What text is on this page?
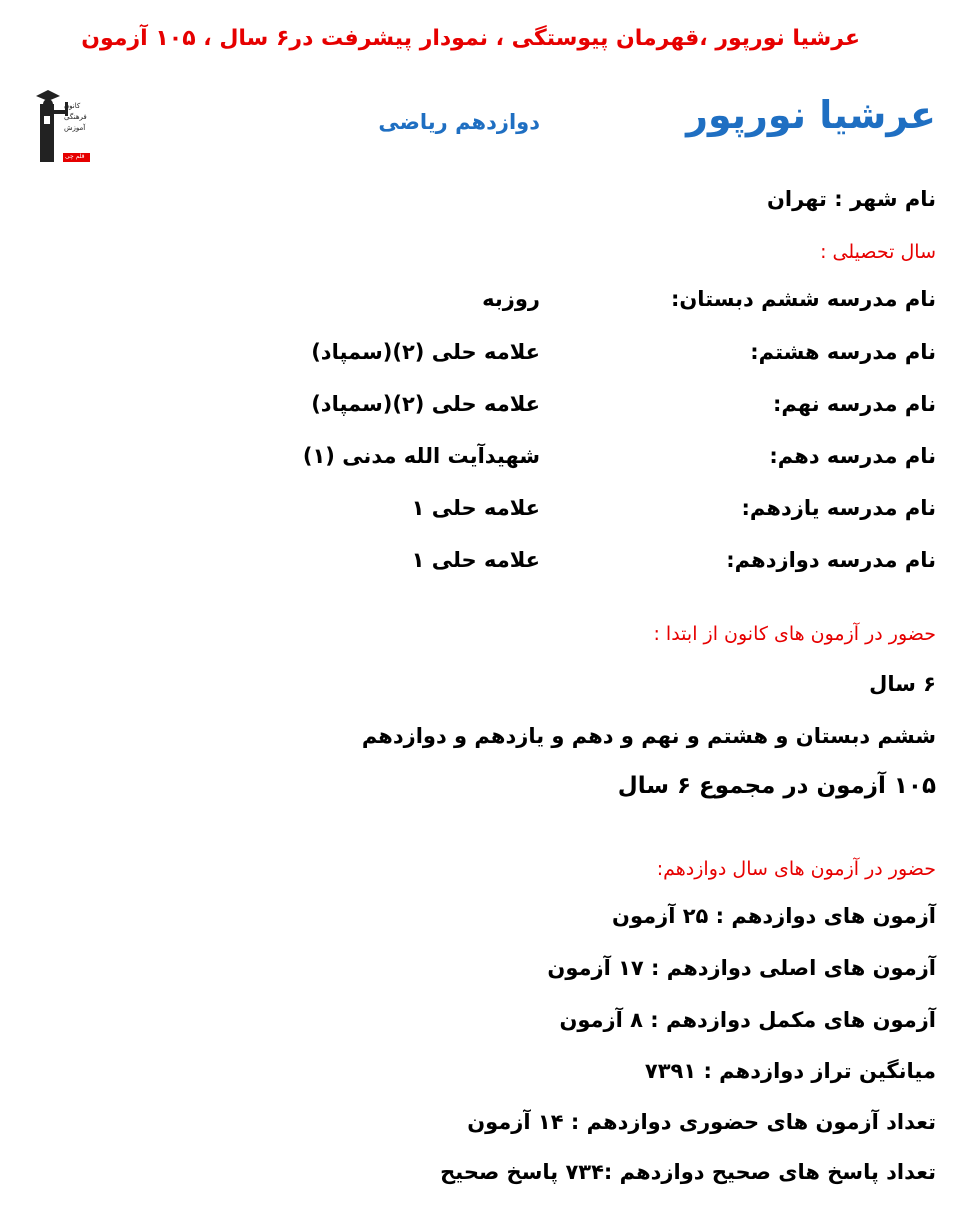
عرشیا نورپور ،قهرمان پیوستگی ، نمودار پیشرفت در۶ سال ، ۱۰۵ آزمون
کانون
فرهنگی
آموزش
قلم چی
عرشیا نورپور
دوازدهم ریاضی
نام شهر : تهران
سال تحصیلی :
نام مدرسه ششم دبستان:
روزبه
نام مدرسه هشتم:
علامه حلی (۲)(سمپاد)
نام مدرسه نهم:
علامه حلی (۲)(سمپاد)
نام مدرسه دهم:
شهیدآیت الله مدنی (۱)
نام مدرسه یازدهم:
علامه حلی ۱
نام مدرسه دوازدهم:
علامه حلی ۱
حضور در آزمون های کانون از ابتدا :
۶ سال
ششم دبستان و هشتم و نهم و دهم و یازدهم و دوازدهم
۱۰۵ آزمون در مجموع ۶ سال
حضور در آزمون های سال دوازدهم:
آزمون های دوازدهم : ۲۵ آزمون
آزمون های اصلی دوازدهم : ۱۷ آزمون
آزمون های مکمل دوازدهم : ۸ آزمون
میانگین تراز دوازدهم : ۷۳۹۱
تعداد آزمون های حضوری دوازدهم : ۱۴ آزمون
تعداد پاسخ های صحیح دوازدهم :۷۳۴ پاسخ صحیح
